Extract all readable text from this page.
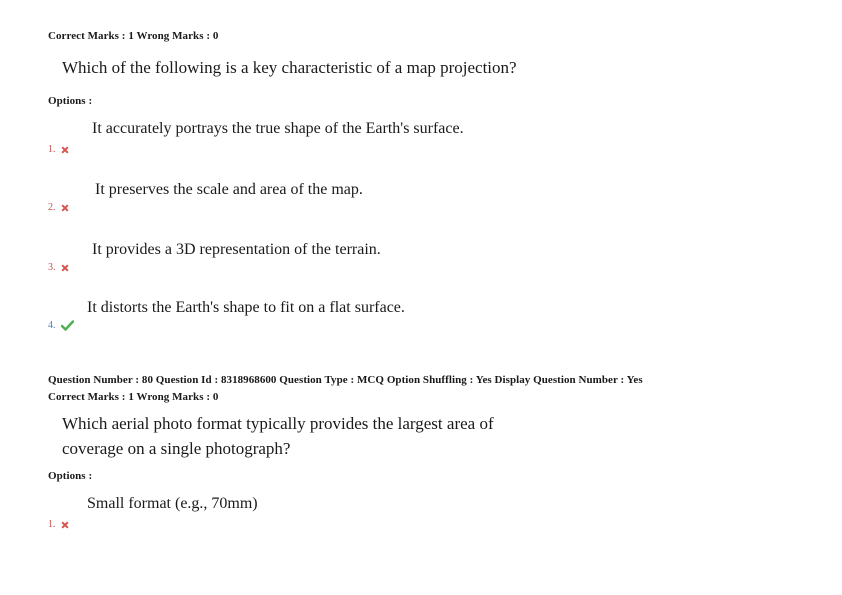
Correct Marks : 1 Wrong Marks : 0
Which of the following is a key characteristic of a map projection?
Options :
It accurately portrays the true shape of the Earth's surface.
1.
It preserves the scale and area of the map.
2.
It provides a 3D representation of the terrain.
3.
It distorts the Earth's shape to fit on a flat surface.
4.
Question Number : 80 Question Id : 8318968600 Question Type : MCQ Option Shuffling : Yes Display Question Number : Yes
Correct Marks : 1 Wrong Marks : 0
Which aerial photo format typically provides the largest area of
coverage on a single photograph?
Options :
Small format (e.g., 70mm)
1.
